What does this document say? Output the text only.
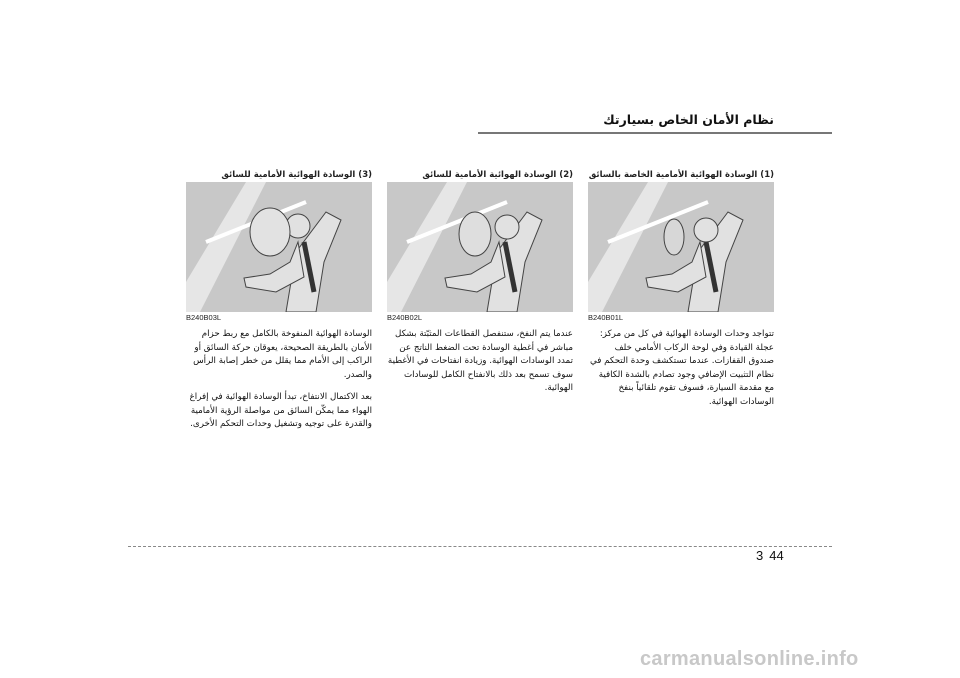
نظام الأمان الخاص بسيارتك
(1) الوسادة الهوائية الأمامية الخاصة بالسائق
B240B01L

تتواجد وحدات الوسادة الهوائية في كل من مركز: عجلة القيادة وفي لوحة الركاب الأمامي خلف صندوق القفازات. عندما تستكشف وحدة التحكم في نظام التثبيت الإضافي وجود تصادم بالشدة الكافية مع مقدمة السيارة، فسوف تقوم تلقائياً بنفخ الوسادات الهوائية.

(2) الوسادة الهوائية الأمامية للسائق
B240B02L

عندما يتم النفخ، ستنفصل القطاعات المثبّتة بشكل مباشر في أغطية الوسادة تحت الضغط الناتج عن تمدد الوسادات الهوائية. وزيادة انفتاحات في الأغطية سوف تسمح بعد ذلك بالانفتاح الكامل للوسادات الهوائية.

(3) الوسادة الهوائية الأمامية للسائق
B240B03L

الوسادة الهوائية المنفوخة بالكامل مع ربط حزام الأمان بالطريقة الصحيحة، يعوقان حركة السائق أو الراكب إلى الأمام مما يقلل من خطر إصابة الرأس والصدر.

بعد الاكتمال الانتفاخ، تبدأ الوسادة الهوائية في إفراغ الهواء مما يمكّن السائق من مواصلة الرؤية الأمامية والقدرة على توجيه وتشغيل وحدات التحكم الأخرى.

3 44
carmanualsonline.info
